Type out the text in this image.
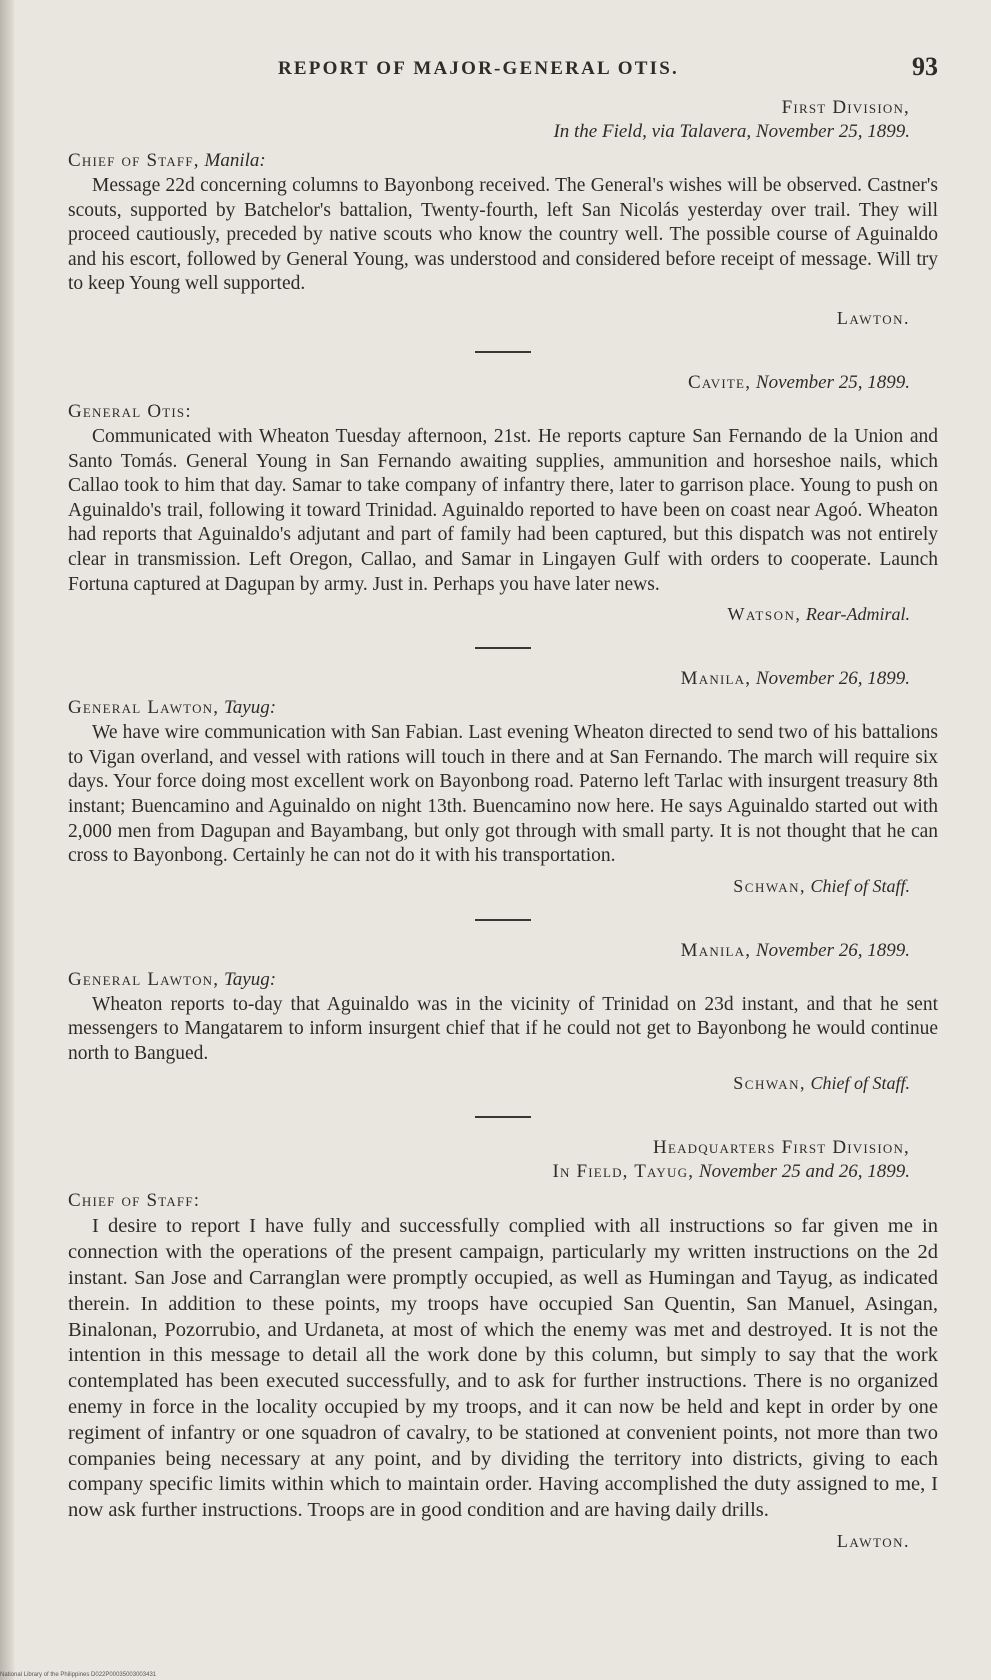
REPORT OF MAJOR-GENERAL OTIS.	93
First Division,
In the Field, via Talavera, November 25, 1899.
Chief of Staff, Manila:

Message 22d concerning columns to Bayonbong received. The General's wishes will be observed. Castner's scouts, supported by Batchelor's battalion, Twenty-fourth, left San Nicolás yesterday over trail. They will proceed cautiously, preceded by native scouts who know the country well. The possible course of Aguinaldo and his escort, followed by General Young, was understood and considered before receipt of message. Will try to keep Young well supported.

Lawton.
Cavite, November 25, 1899.
General Otis:

Communicated with Wheaton Tuesday afternoon, 21st. He reports capture San Fernando de la Union and Santo Tomás. General Young in San Fernando awaiting supplies, ammunition and horseshoe nails, which Callao took to him that day. Samar to take company of infantry there, later to garrison place. Young to push on Aguinaldo's trail, following it toward Trinidad. Aguinaldo reported to have been on coast near Agoó. Wheaton had reports that Aguinaldo's adjutant and part of family had been captured, but this dispatch was not entirely clear in transmission. Left Oregon, Callao, and Samar in Lingayen Gulf with orders to cooperate. Launch Fortuna captured at Dagupan by army. Just in. Perhaps you have later news.

Watson, Rear-Admiral.
Manila, November 26, 1899.
General Lawton, Tayug:

We have wire communication with San Fabian. Last evening Wheaton directed to send two of his battalions to Vigan overland, and vessel with rations will touch in there and at San Fernando. The march will require six days. Your force doing most excellent work on Bayonbong road. Paterno left Tarlac with insurgent treasury 8th instant; Buencamino and Aguinaldo on night 13th. Buencamino now here. He says Aguinaldo started out with 2,000 men from Dagupan and Bayambang, but only got through with small party. It is not thought that he can cross to Bayonbong. Certainly he can not do it with his transportation.

Schwan, Chief of Staff.
Manila, November 26, 1899.
General Lawton, Tayug:

Wheaton reports to-day that Aguinaldo was in the vicinity of Trinidad on 23d instant, and that he sent messengers to Mangatarem to inform insurgent chief that if he could not get to Bayonbong he would continue north to Bangued.

Schwan, Chief of Staff.
Headquarters First Division,
In Field, Tayug, November 25 and 26, 1899.
Chief of Staff:

I desire to report I have fully and successfully complied with all instructions so far given me in connection with the operations of the present campaign, particularly my written instructions on the 2d instant. San Jose and Carranglan were promptly occupied, as well as Humingan and Tayug, as indicated therein. In addition to these points, my troops have occupied San Quentin, San Manuel, Asingan, Binalonan, Pozorrubio, and Urdaneta, at most of which the enemy was met and destroyed. It is not the intention in this message to detail all the work done by this column, but simply to say that the work contemplated has been executed successfully, and to ask for further instructions. There is no organized enemy in force in the locality occupied by my troops, and it can now be held and kept in order by one regiment of infantry or one squadron of cavalry, to be stationed at convenient points, not more than two companies being necessary at any point, and by dividing the territory into districts, giving to each company specific limits within which to maintain order. Having accomplished the duty assigned to me, I now ask further instructions. Troops are in good condition and are having daily drills.

Lawton.
National Library of the Philippines D022P00035003003431
